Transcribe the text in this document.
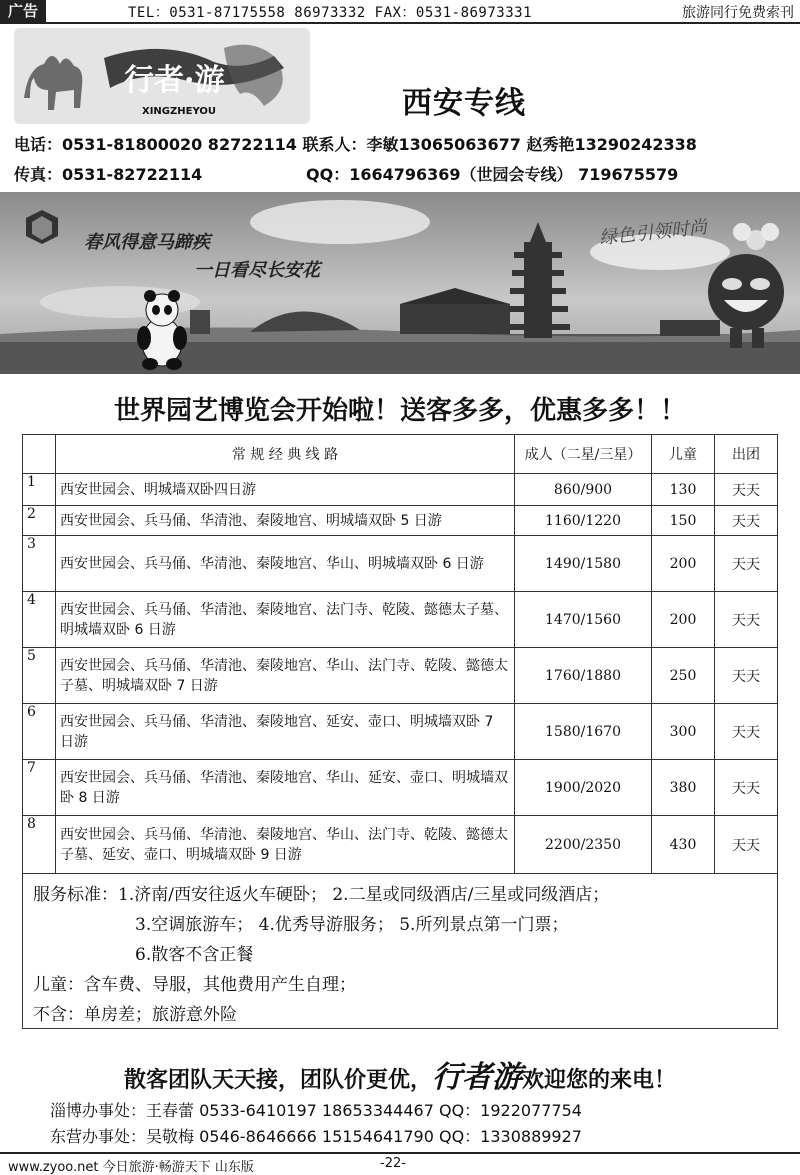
广告	TEL：0531-87175558 86973332 FAX：0531-86973331	旅游同行免费索刊
行者·游
XINGZHEYOU	西安专线
电话：0531-81800020 82722114 联系人：李敏13065063677 赵秀艳13290242338
传真：0531-82722114	QQ：1664796369（世园会专线） 719675579
春风得意马蹄疾
一日看尽长安花
绿色引领时尚
世界园艺博览会开始啦！送客多多，优惠多多！！
	常 规 经 典 线 路	成人（二星/三星）	儿童	出团
1	西安世园会、明城墙双卧四日游	860/900	130	天天
2	西安世园会、兵马俑、华清池、秦陵地宫、明城墙双卧 5 日游	1160/1220	150	天天
3	西安世园会、兵马俑、华清池、秦陵地宫、华山、明城墙双卧 6 日游	1490/1580	200	天天
4	西安世园会、兵马俑、华清池、秦陵地宫、法门寺、乾陵、懿德太子墓、明城墙双卧 6 日游	1470/1560	200	天天
5	西安世园会、兵马俑、华清池、秦陵地宫、华山、法门寺、乾陵、懿德太子墓、明城墙双卧 7 日游	1760/1880	250	天天
6	西安世园会、兵马俑、华清池、秦陵地宫、延安、壶口、明城墙双卧 7 日游	1580/1670	300	天天
7	西安世园会、兵马俑、华清池、秦陵地宫、华山、延安、壶口、明城墙双卧 8 日游	1900/2020	380	天天
8	西安世园会、兵马俑、华清池、秦陵地宫、华山、法门寺、乾陵、懿德太子墓、延安、壶口、明城墙双卧 9 日游	2200/2350	430	天天
服务标准：1.济南/西安往返火车硬卧； 2.二星或同级酒店/三星或同级酒店；
3.空调旅游车； 4.优秀导游服务； 5.所列景点第一门票；
6.散客不含正餐
儿童：含车费、导服，其他费用产生自理；
不含：单房差；旅游意外险
散客团队天天接，团队价更优，行者游欢迎您的来电！
淄博办事处：王春蕾 0533-6410197 18653344467 QQ：1922077754
东营办事处：吴敬梅 0546-8646666 15154641790 QQ：1330889927
www.zyoo.net 今日旅游·畅游天下 山东版	-22-
